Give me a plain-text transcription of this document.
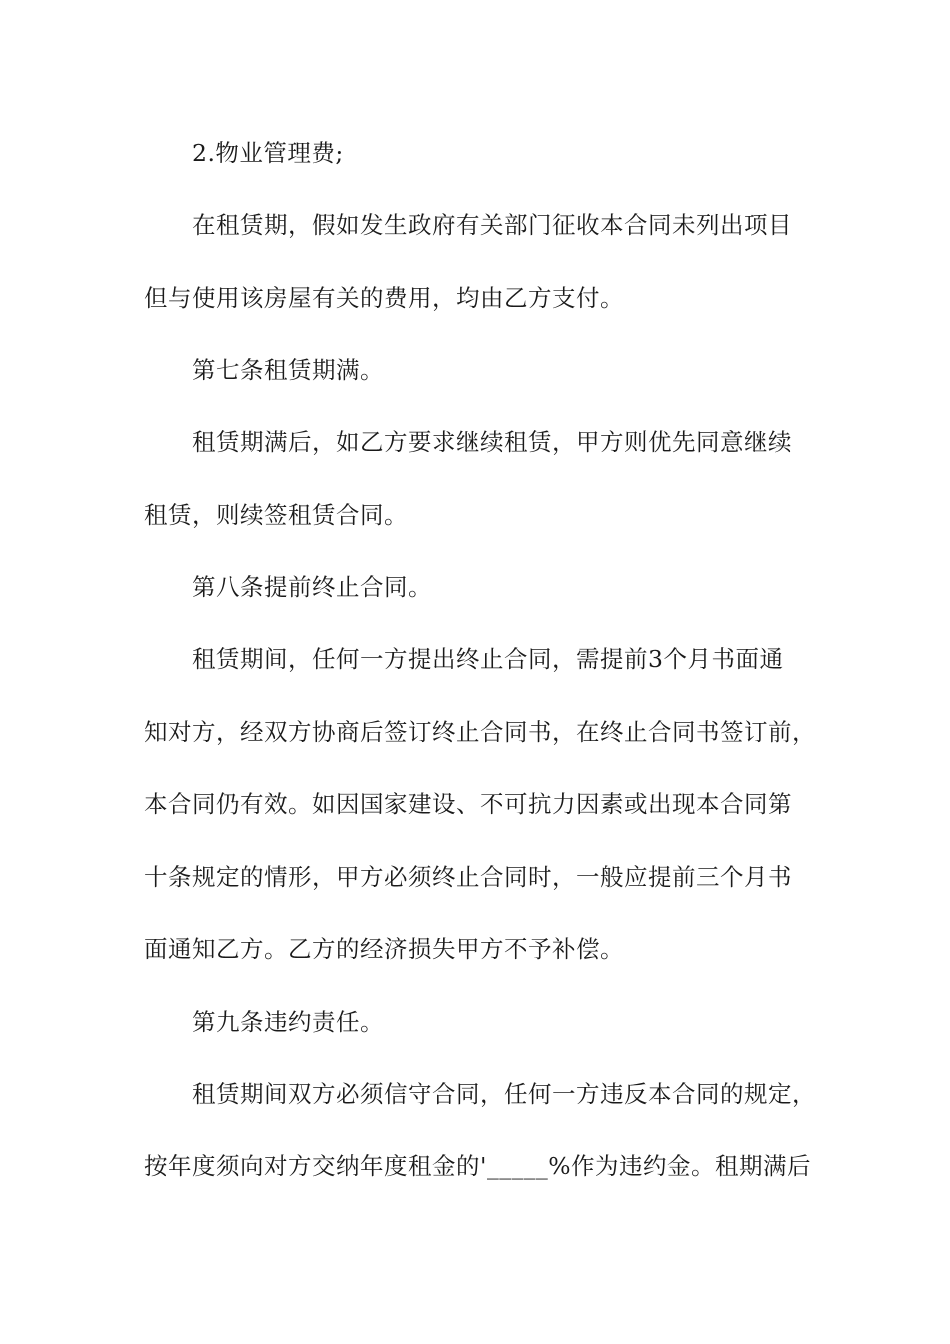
2.物业管理费;
在租赁期，假如发生政府有关部门征收本合同未列出项目
但与使用该房屋有关的费用，均由乙方支付。
第七条租赁期满。
租赁期满后，如乙方要求继续租赁，甲方则优先同意继续
租赁，则续签租赁合同。
第八条提前终止合同。
租赁期间，任何一方提出终止合同，需提前3个月书面通
知对方，经双方协商后签订终止合同书，在终止合同书签订前，
本合同仍有效。如因国家建设、不可抗力因素或出现本合同第
十条规定的情形，甲方必须终止合同时，一般应提前三个月书
面通知乙方。乙方的经济损失甲方不予补偿。
第九条违约责任。
租赁期间双方必须信守合同，任何一方违反本合同的规定，
按年度须向对方交纳年度租金的'_____%作为违约金。租期满后
